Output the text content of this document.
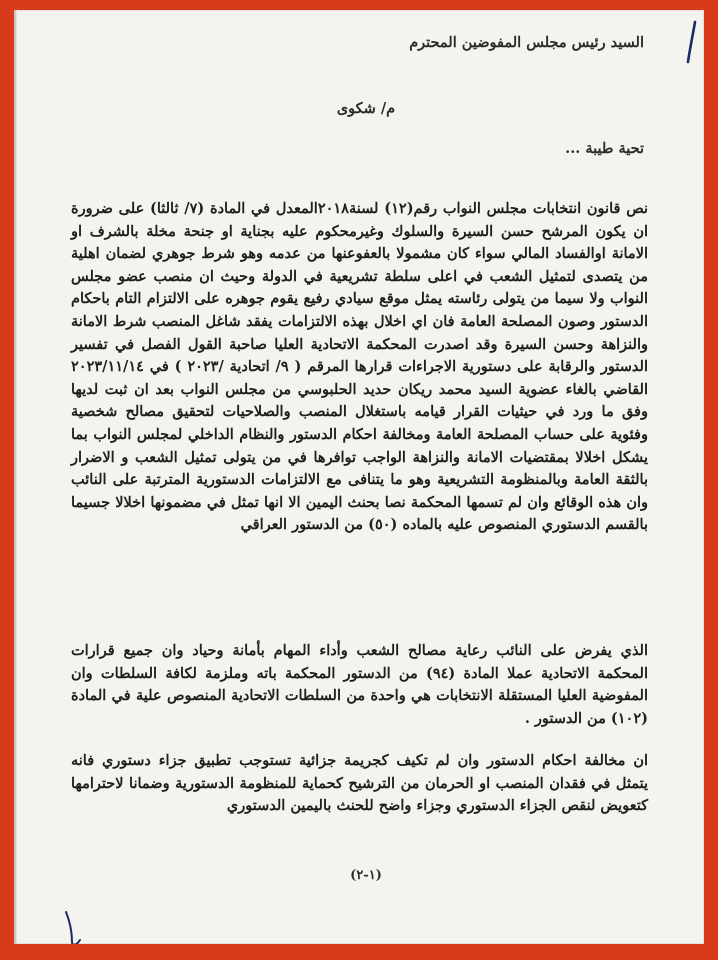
السيد رئيس مجلس المفوضين المحترم
م/ شكوى
تحية طيبة ...
نص قانون انتخابات مجلس النواب رقم(١٢) لسنة٢٠١٨المعدل في المادة (٧/ ثالثا) على ضرورة ان يكون المرشح حسن السيرة والسلوك وغيرمحكوم عليه بجناية او جنحة مخلة بالشرف او الامانة اوالفساد المالي سواء كان مشمولا بالعفوعنها من عدمه وهو شرط جوهري لضمان اهلية من يتصدى لتمثيل الشعب في اعلى سلطة تشريعية في الدولة وحيث ان منصب عضو مجلس النواب ولا سيما من يتولى رئاسته يمثل موقع سيادي رفيع يقوم جوهره على الالتزام التام باحكام الدستور وصون المصلحة العامة فان اي اخلال بهذه الالتزامات يفقد شاغل المنصب شرط الامانة والنزاهة وحسن السيرة وقد اصدرت المحكمة الاتحادية العليا صاحبة القول الفصل في تفسير الدستور والرقابة على دستورية الاجراءات قرارها المرقم ( ٩/ اتحادية /٢٠٢٣ ) في ٢٠٢٣/١١/١٤ القاضي بالغاء عضوية السيد محمد ريكان حديد الحلبوسي من مجلس النواب بعد ان ثبت لديها وفق ما ورد في حيثيات القرار قيامه باستغلال المنصب والصلاحيات لتحقيق مصالح شخصية وفئوية على حساب المصلحة العامة ومخالفة احكام الدستور والنظام الداخلي لمجلس النواب بما يشكل اخلالا بمقتضيات الامانة والنزاهة الواجب توافرها في من يتولى تمثيل الشعب و الاضرار بالثقة العامة وبالمنظومة التشريعية وهو ما يتنافى مع الالتزامات الدستورية المترتبة على النائب وان هذه الوقائع وان لم تسمها المحكمة نصا بحنث اليمين الا انها تمثل في مضمونها اخلالا جسيما بالقسم الدستوري المنصوص عليه بالماده (٥٠) من الدستور العراقي
الذي يفرض على النائب رعاية مصالح الشعب وأداء المهام بأمانة وحياد وان جميع قرارات المحكمة الاتحادية عملا المادة (٩٤) من الدستور المحكمة باته وملزمة لكافة السلطات وان المفوضية العليا المستقلة الانتخابات هي واحدة من السلطات الاتحادية المنصوص علية في المادة (١٠٢) من الدستور .
ان مخالفة احكام الدستور وان لم تكيف كجريمة جزائية تستوجب تطبيق جزاء دستوري فانه يتمثل في فقدان المنصب او الحرمان من الترشيح كحماية للمنظومة الدستورية وضمانا لاحترامها كتعويض لنقص الجزاء الدستوري وجزاء واضح للحنث باليمين الدستوري
(١-٢)
